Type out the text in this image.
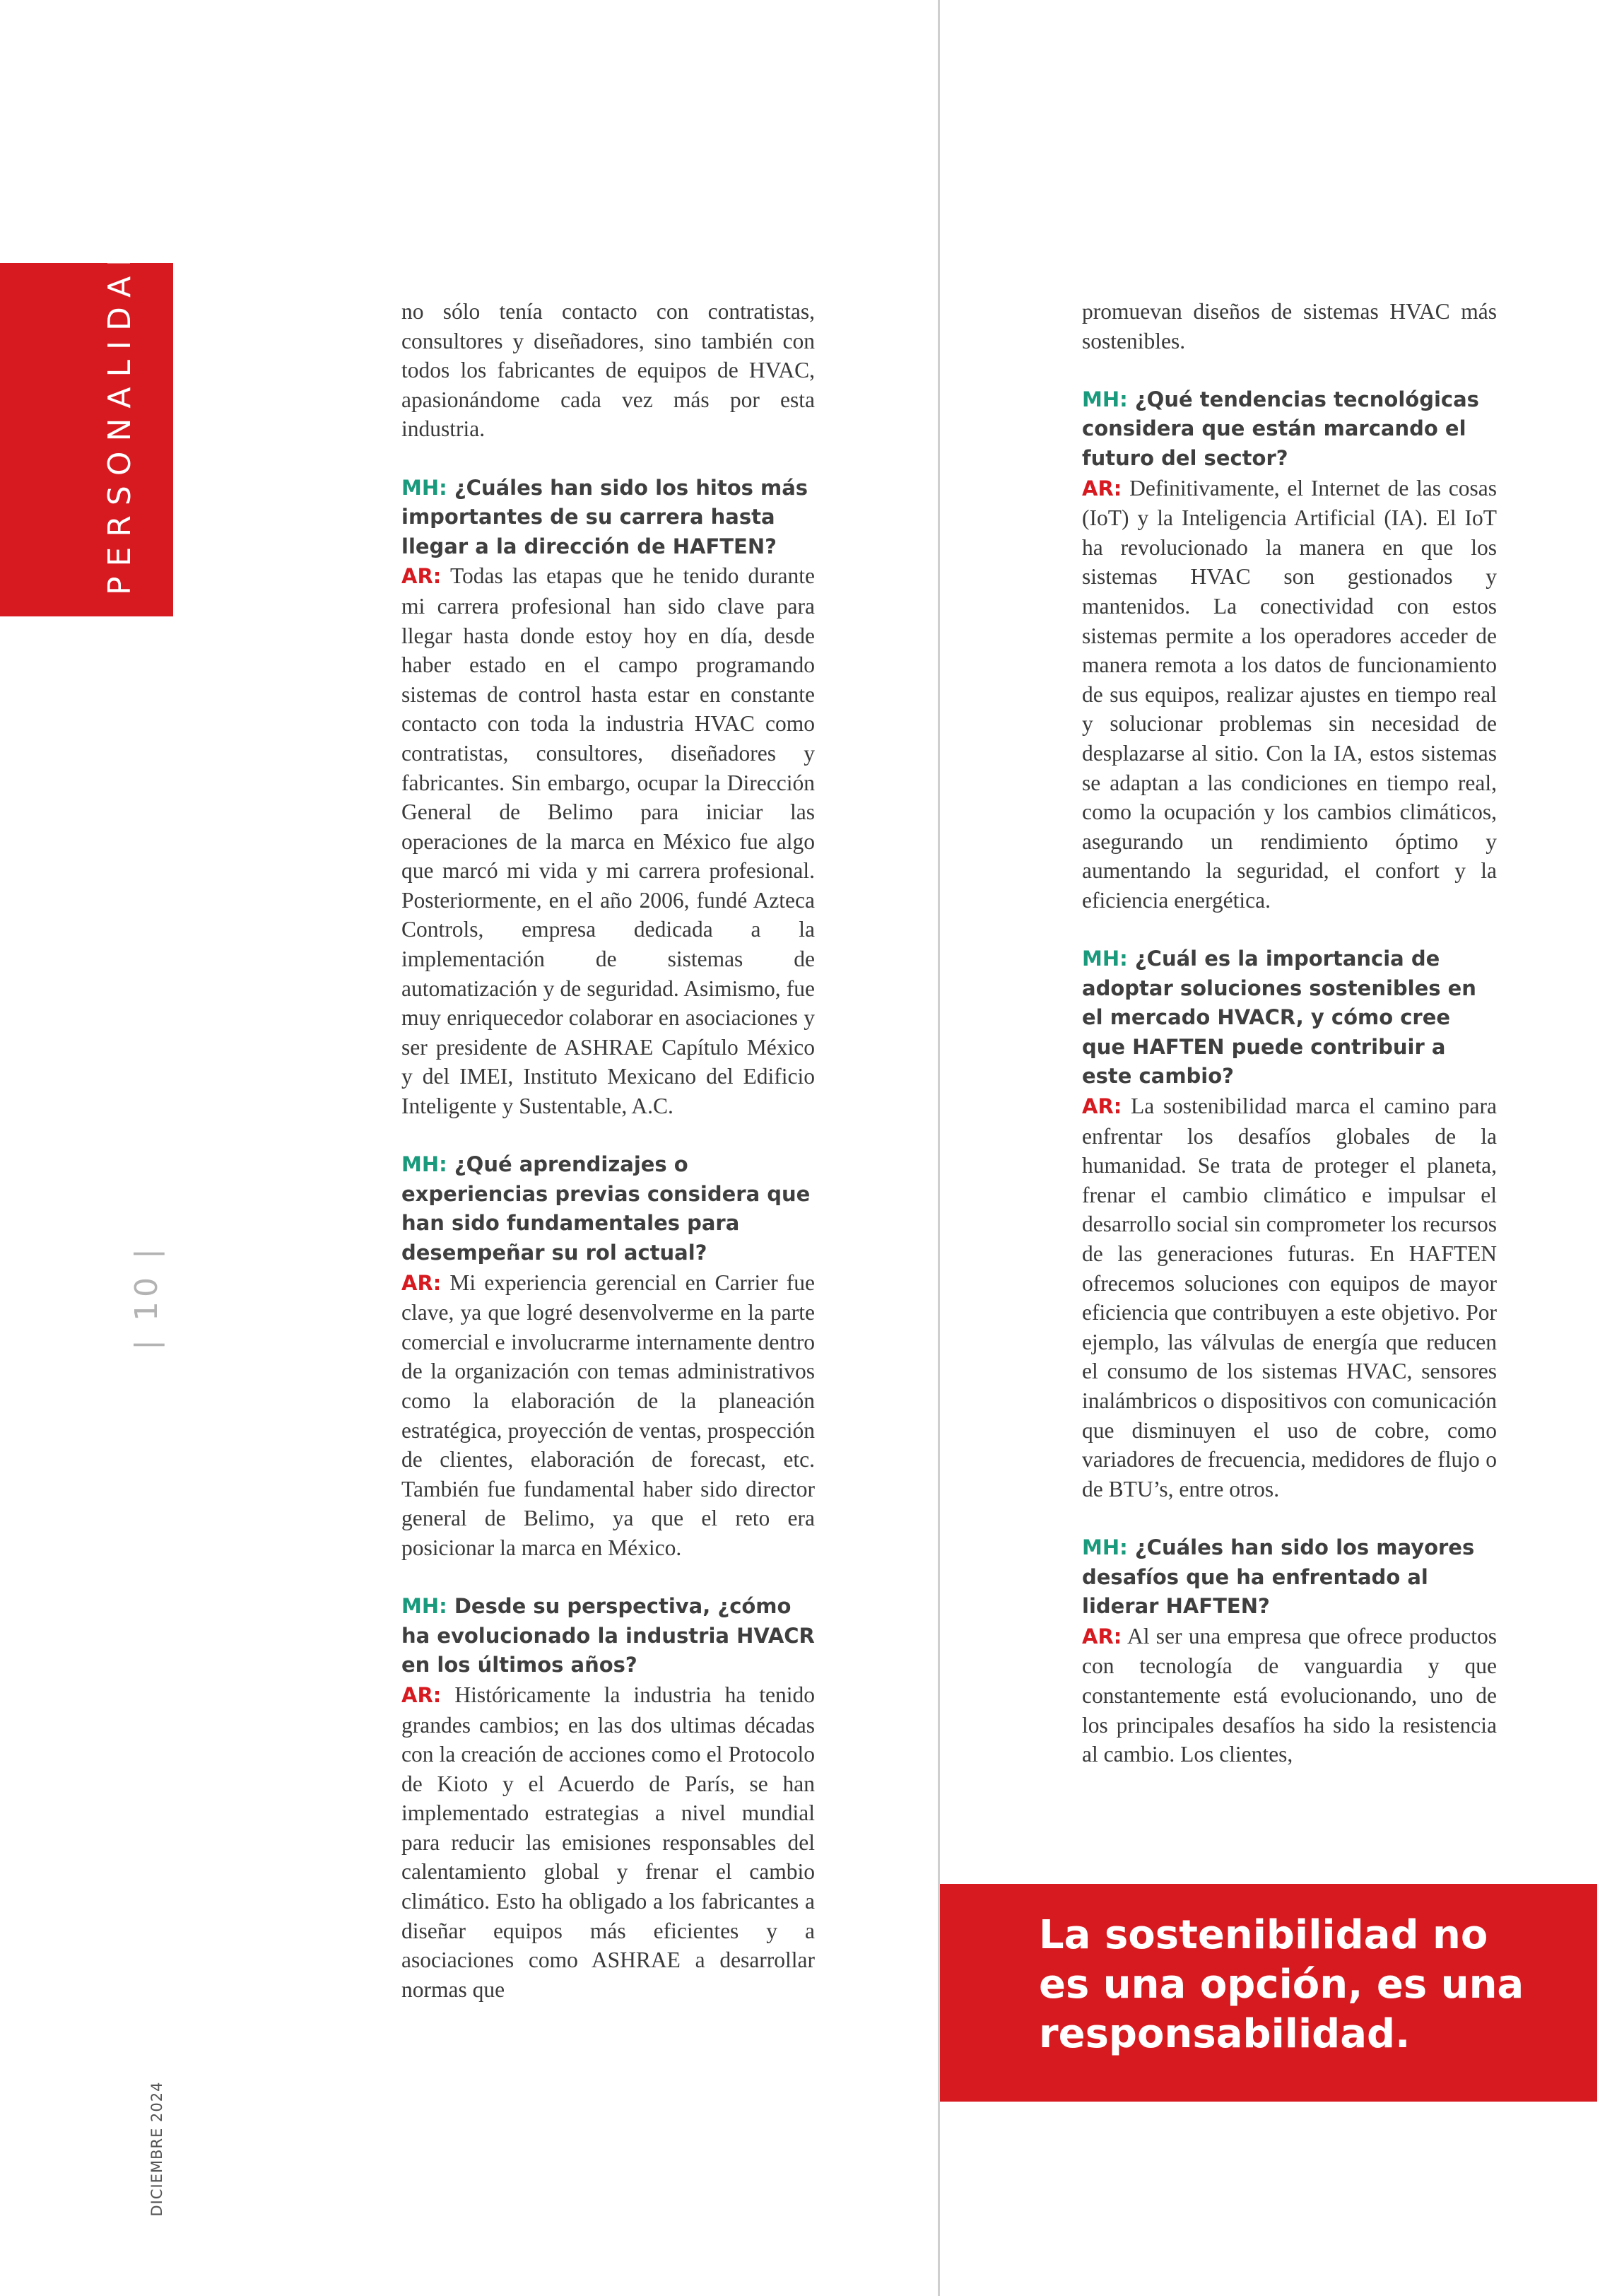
PERSONALIDAD
| 10 |
DICIEMBRE 2024

no sólo tenía contacto con contratistas, consultores y diseñadores, sino también con todos los fabricantes de equipos de HVAC, apasionándome cada vez más por esta industria.

MH: ¿Cuáles han sido los hitos más importantes de su carrera hasta llegar a la dirección de HAFTEN?
AR: Todas las etapas que he tenido durante mi carrera profesional han sido clave para llegar hasta donde estoy hoy en día, desde haber estado en el campo programando sistemas de control hasta estar en constante contacto con toda la industria HVAC como contratistas, consultores, diseñadores y fabricantes. Sin embargo, ocupar la Dirección General de Belimo para iniciar las operaciones de la marca en México fue algo que marcó mi vida y mi carrera profesional. Posteriormente, en el año 2006, fundé Azteca Controls, empresa dedicada a la implementación de sistemas de automatización y de seguridad. Asimismo, fue muy enriquecedor colaborar en asociaciones y ser presidente de ASHRAE Capítulo México y del IMEI, Instituto Mexicano del Edificio Inteligente y Sustentable, A.C.

MH: ¿Qué aprendizajes o experiencias previas considera que han sido fundamentales para desempeñar su rol actual?
AR: Mi experiencia gerencial en Carrier fue clave, ya que logré desenvolverme en la parte comercial e involucrarme internamente dentro de la organización con temas administrativos como la elaboración de la planeación estratégica, proyección de ventas, prospección de clientes, elaboración de forecast, etc. También fue fundamental haber sido director general de Belimo, ya que el reto era posicionar la marca en México.

MH: Desde su perspectiva, ¿cómo ha evolucionado la industria HVACR en los últimos años?
AR: Históricamente la industria ha tenido grandes cambios; en las dos ultimas décadas con la creación de acciones como el Protocolo de Kioto y el Acuerdo de París, se han implementado estrategias a nivel mundial para reducir las emisiones responsables del calentamiento global y frenar el cambio climático. Esto ha obligado a los fabricantes a diseñar equipos más eficientes y a asociaciones como ASHRAE a desarrollar normas que

promuevan diseños de sistemas HVAC más sostenibles.

MH: ¿Qué tendencias tecnológicas considera que están marcando el futuro del sector?
AR: Definitivamente, el Internet de las cosas (IoT) y la Inteligencia Artificial (IA). El IoT ha revolucionado la manera en que los sistemas HVAC son gestionados y mantenidos. La conectividad con estos sistemas permite a los operadores acceder de manera remota a los datos de funcionamiento de sus equipos, realizar ajustes en tiempo real y solucionar problemas sin necesidad de desplazarse al sitio. Con la IA, estos sistemas se adaptan a las condiciones en tiempo real, como la ocupación y los cambios climáticos, asegurando un rendimiento óptimo y aumentando la seguridad, el confort y la eficiencia energética.

MH: ¿Cuál es la importancia de adoptar soluciones sostenibles en el mercado HVACR, y cómo cree que HAFTEN puede contribuir a este cambio?
AR: La sostenibilidad marca el camino para enfrentar los desafíos globales de la humanidad. Se trata de proteger el planeta, frenar el cambio climático e impulsar el desarrollo social sin comprometer los recursos de las generaciones futuras. En HAFTEN ofrecemos soluciones con equipos de mayor eficiencia que contribuyen a este objetivo. Por ejemplo, las válvulas de energía que reducen el consumo de los sistemas HVAC, sensores inalámbricos o dispositivos con comunicación que disminuyen el uso de cobre, como variadores de frecuencia, medidores de flujo o de BTU’s, entre otros.

MH: ¿Cuáles han sido los mayores desafíos que ha enfrentado al liderar HAFTEN?
AR: Al ser una empresa que ofrece productos con tecnología de vanguardia y que constantemente está evolucionando, uno de los principales desafíos ha sido la resistencia al cambio. Los clientes,

La sostenibilidad no
es una opción, es una
responsabilidad.
